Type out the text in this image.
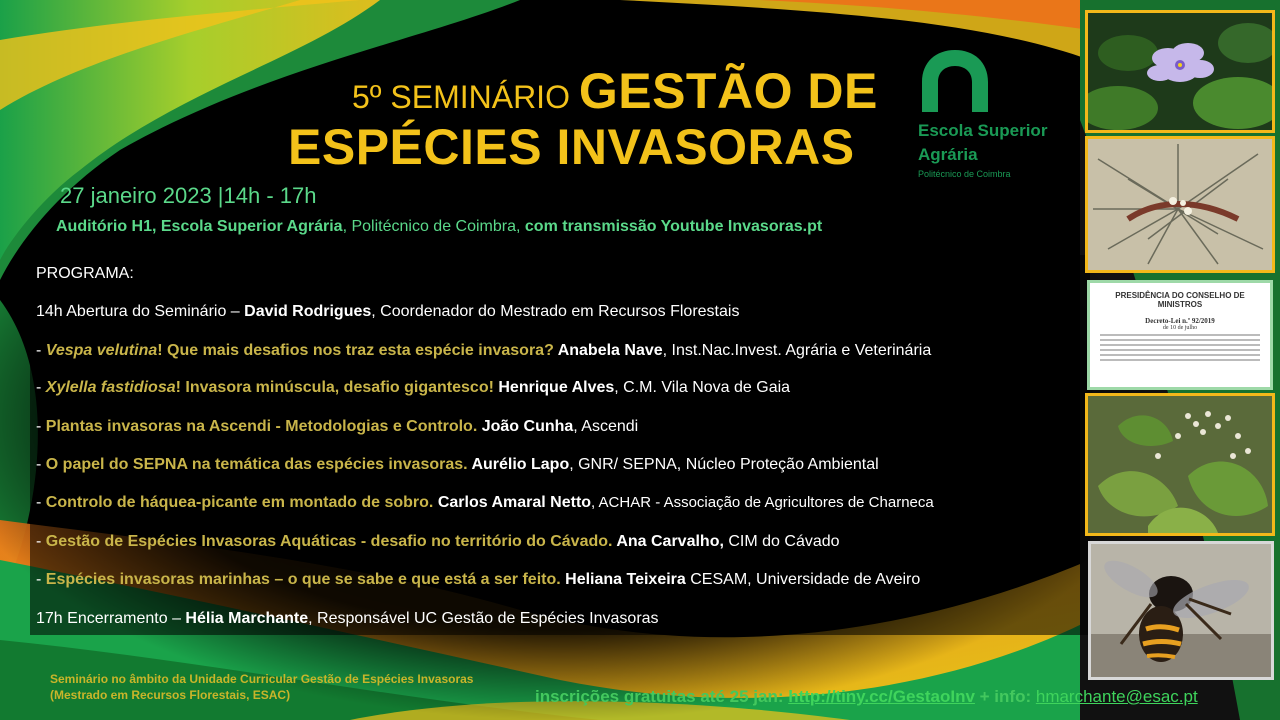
5º SEMINÁRIO GESTÃO DE
ESPÉCIES INVASORAS	Escola Superior
Agrária
Politécnico de Coimbra
27 janeiro 2023 |14h - 17h
Auditório H1, Escola Superior Agrária, Politécnico de Coimbra, com transmissão Youtube Invasoras.pt
PROGRAMA:
14h Abertura do Seminário – David Rodrigues, Coordenador do Mestrado em Recursos Florestais
- Vespa velutina! Que mais desafios nos traz esta espécie invasora? Anabela Nave, Inst.Nac.Invest. Agrária e Veterinária
- Xylella fastidiosa! Invasora minúscula, desafio gigantesco! Henrique Alves, C.M. Vila Nova de Gaia
- Plantas invasoras na Ascendi - Metodologias e Controlo. João Cunha, Ascendi
- O papel do SEPNA na temática das espécies invasoras. Aurélio Lapo, GNR/ SEPNA, Núcleo Proteção Ambiental
- Controlo de háquea-picante em montado de sobro. Carlos Amaral Netto, ACHAR - Associação de Agricultores de Charneca
- Gestão de Espécies Invasoras Aquáticas - desafio no território do Cávado. Ana Carvalho, CIM do Cávado
- Espécies invasoras marinhas – o que se sabe e que está a ser feito. Heliana Teixeira CESAM, Universidade de Aveiro
17h Encerramento – Hélia Marchante, Responsável UC Gestão de Espécies Invasoras
Seminário no âmbito da Unidade Curricular Gestão de Espécies Invasoras (Mestrado em Recursos Florestais, ESAC)	inscrições gratuitas até 25 jan: http://tiny.cc/GestaoInv + info: hmarchante@esac.pt
PRESIDÊNCIA DO CONSELHO DE MINISTROS
Decreto-Lei n.º 92/2019
de 10 de julho
